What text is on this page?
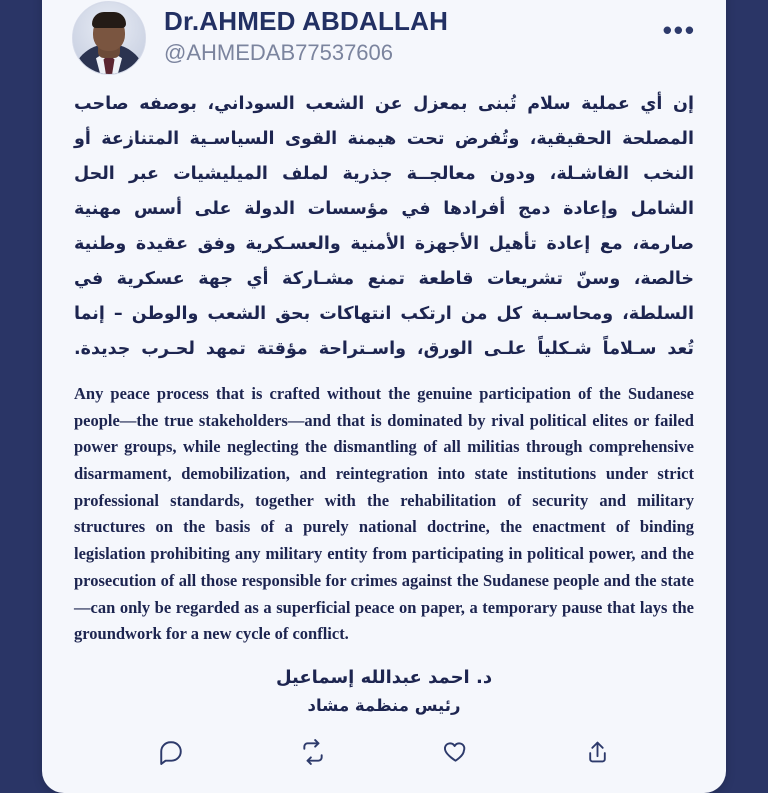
Dr.AHMED ABDALLAH
@AHMEDAB77537606
•••
إن أي عملية سلام تُبنى بمعزل عن الشعب السوداني، بوصفه صاحب المصلحة الحقيقية، وتُفرض تحت هيمنة القوى السياسـية المتنازعة أو النخب الفاشـلة، ودون معالجــة جذرية لملف الميليشيات عبر الحل الشامل وإعادة دمج أفرادها في مؤسسات الدولة على أسس مهنية صارمة، مع إعادة تأهيل الأجهزة الأمنية والعسـكرية وفق عقيدة وطنية خالصة، وسنّ تشريعات قاطعة تمنع مشـاركة أي جهة عسكرية في السلطة، ومحاسـبة كل من ارتكب انتهاكات بحق الشعب والوطن – إنما تُعد سـلاماً شـكلياً علـى الورق، واسـتراحة مؤقتة تمهد لحـرب جديدة.
Any peace process that is crafted without the genuine participation of the Sudanese people—the true stakeholders—and that is dominated by rival political elites or failed power groups, while neglecting the dismantling of all militias through comprehensive disarmament, demobilization, and reintegration into state institutions under strict professional standards, together with the rehabilitation of security and military structures on the basis of a purely national doctrine, the enactment of binding legislation prohibiting any military entity from participating in political power, and the prosecution of all those responsible for crimes against the Sudanese people and the state—can only be regarded as a superficial peace on paper, a temporary pause that lays the groundwork for a new cycle of conflict.
د. احمد عبدالله إسماعيل
رئيس منظمة مشاد
